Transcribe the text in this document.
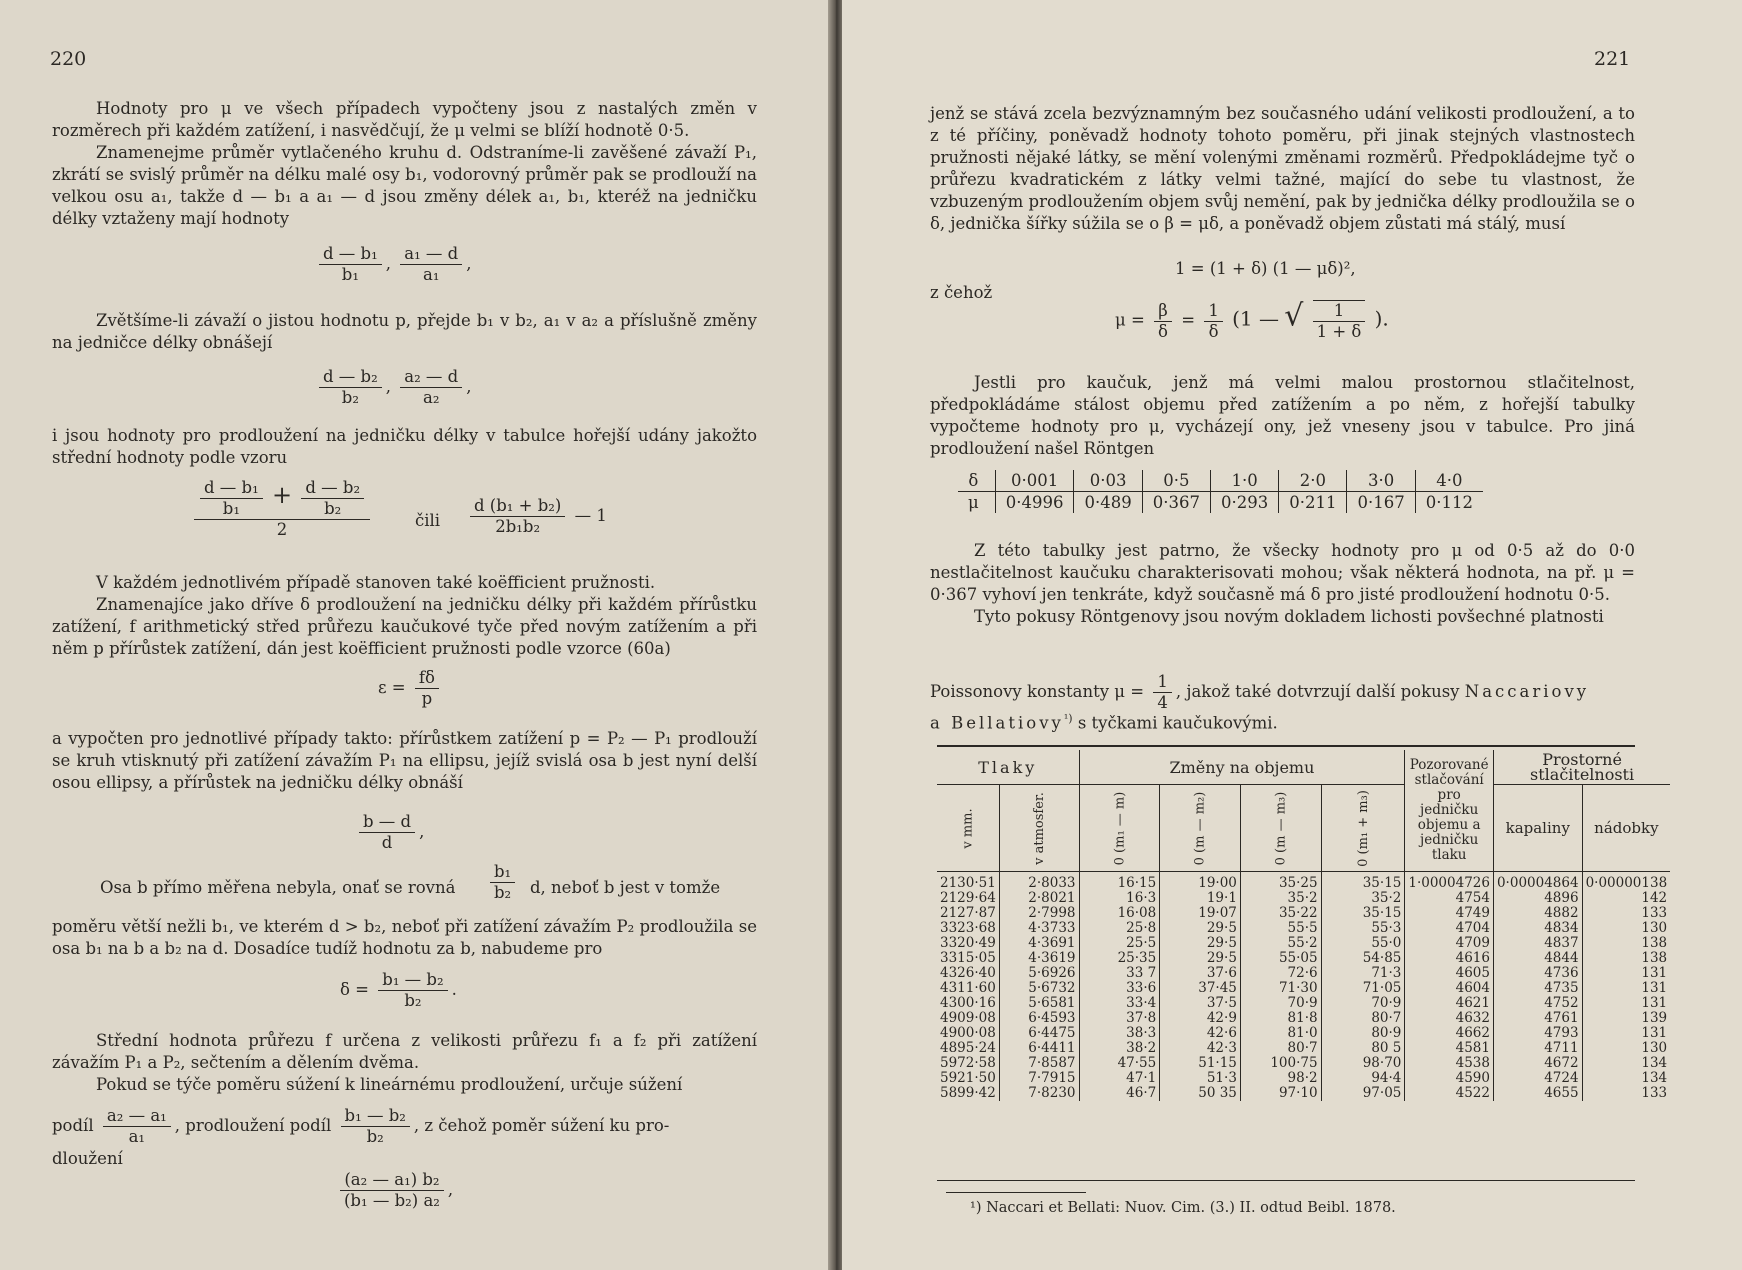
220

Hodnoty pro μ ve všech případech vypočteny jsou z nastalých změn v rozměrech při každém zatížení, i nasvědčují, že μ velmi se blíží hodnotě 0·5.

Znamenejme průměr vytlačeného kruhu d. Odstraníme-li zavěšené závaží P₁, zkrátí se svislý průměr na délku malé osy b₁, vodorovný průměr pak se prodlouží na velkou osu a₁, takže d — b₁ a a₁ — d jsou změny délek a₁, b₁, kteréž na jedničku délky vztaženy mají hodnoty

$\frac{\text{d — b₁}}{\text{b₁}}$ , $\frac{\text{a₁ — d}}{\text{a₁}}$ ,

Zvětšíme-li závaží o jistou hodnotu p, přejde b₁ v b₂, a₁ v a₂ a příslušně změny na jedničce délky obnášejí

$\frac{\text{d — b₂}}{\text{b₂}}$ , $\frac{\text{a₂ — d}}{\text{a₂}}$ ,

i jsou hodnoty pro prodloužení na jedničku délky v tabulce hořejší udány jakožto střední hodnoty podle vzoru

$\frac{\frac{\text{d — b₁}}{\text{b₁}} + \frac{\text{d — b₂}}{\text{b₂}}}{2}$	čili $\frac{\text{d (b₁ + b₂)}}{\text{2b₁b₂}}$ — 1

V každém jednotlivém případě stanoven také koëfficient pružnosti.

Znamenajíce jako dříve δ prodloužení na jedničku délky při každém přírůstku zatížení, f arithmetický střed průřezu kaučukové tyče před novým zatížením a při něm p přírůstek zatížení, dán jest koëfficient pružnosti podle vzorce (60a)

$\varepsilon = \frac{f\delta}{p}$

a vypočten pro jednotlivé případy takto: přírůstkem zatížení p = P₂ — P₁ prodlouží se kruh vtisknutý při zatížení závažím P₁ na ellipsu, jejíž svislá osa b jest nyní delší osou ellipsy, a přírůstek na jedničku délky obnáší

$\frac{b — d}{d}$ ,
Osa b přímo měřena nebyla, onať se rovná $\frac{\text{b₁}}{\text{b₂}} d$, neboť b jest v tomže

poměru větší nežli b₁, ve kterém d > b₂, neboť při zatížení závažím P₂ prodloužila se osa b₁ na b a b₂ na d. Dosadíce tudíž hodnotu za b, nabudeme pro

$\delta = \frac{\text{b₁ — b₂}}{\text{b₂}}$ .

Střední hodnota průřezu f určena z velikosti průřezu f₁ a f₂ při zatížení závažím P₁ a P₂, sečtením a dělením dvěma.

Pokud se týče poměru súžení k lineárnému prodloužení, určuje súžení

podíl $\frac{\text{a₂ — a₁}}{\text{a₁}}$ , prodloužení podíl $\frac{\text{b₁ — b₂}}{\text{b₂}}$ , z čehož poměr súžení ku pro-
dloužení
$\frac{\text{(a₂ — a₁) b₂}}{\text{(b₁ — b₂) a₂}}$ ,
221

jenž se stává zcela bezvýznamným bez současného udání velikosti prodloužení, a to z té příčiny, poněvadž hodnoty tohoto poměru, při jinak stejných vlastnostech pružnosti nějaké látky, se mění volenými změnami rozměrů. Předpokládejme tyč o průřezu kvadratickém z látky velmi tažné, mající do sebe tu vlastnost, že vzbuzeným prodloužením objem svůj nemění, pak by jednička délky prodloužila se o δ, jednička šířky súžila se o β = μδ, a poněvadž objem zůstati má stálý, musí

1 = (1 + δ) (1 — μδ)²,
z čehož
$\mu = \frac{\beta}{\delta} = \frac{1}{\delta} (1$ — √ $\frac{1}{1 + \delta}$ ).

Jestli pro kaučuk, jenž má velmi malou prostornou stlačitelnost, předpokládáme stálost objemu před zatížením a po něm, z hořejší tabulky vypočteme hodnoty pro μ, vycházejí ony, jež vneseny jsou v tabulce. Pro jiná prodloužení našel Röntgen

δ	0·001	0·03	0·5	1·0	2·0	3·0	4·0
μ	0·4996	0·489	0·367	0·293	0·211	0·167	0·112

Z této tabulky jest patrno, že všecky hodnoty pro μ od 0·5 až do 0·0 nestlačitelnost kaučuku charakterisovati mohou; však některá hodnota, na př. μ = 0·367 vyhoví jen tenkráte, když současně má δ pro jisté prodloužení hodnotu 0·5.

Tyto pokusy Röntgenovy jsou novým dokladem lichosti povšechné platnosti

Poissonovy konstanty $\mu = \frac{1}{4}$ , jakož také dotvrzují další pokusy Naccariovy
a Bellatiovy$^{^1)}$ s tyčkami kaučukovými.
Tlaky		Změny na objemu				Pozorované stlačování pro jedničku objemu a jedničku tlaku	Prostorné stlačitelnosti	
v mm.	v atmosfer.	0 (m₁ — m)	0 (m — m₂)	0 (m — m₃)	0 (m₁ + m₃)		kapaliny	nádobky
2130·51	2·8033	16·15	19·00	35·25	35·15	1·00004726	0·00004864	0·00000138
2129·64	2·8021	16·3	19·1	35·2	35·2	4754	4896	142
2127·87	2·7998	16·08	19·07	35·22	35·15	4749	4882	133
3323·68	4·3733	25·8	29·5	55·5	55·3	4704	4834	130
3320·49	4·3691	25·5	29·5	55·2	55·0	4709	4837	138
3315·05	4·3619	25·35	29·5	55·05	54·85	4616	4844	138
4326·40	5·6926	33 7	37·6	72·6	71·3	4605	4736	131
4311·60	5·6732	33·6	37·45	71·30	71·05	4604	4735	131
4300·16	5·6581	33·4	37·5	70·9	70·9	4621	4752	131
4909·08	6·4593	37·8	42·9	81·8	80·7	4632	4761	139
4900·08	6·4475	38·3	42·6	81·0	80·9	4662	4793	131
4895·24	6·4411	38·2	42·3	80·7	80 5	4581	4711	130
5972·58	7·8587	47·55	51·15	100·75	98·70	4538	4672	134
5921·50	7·7915	47·1	51·3	98·2	94·4	4590	4724	134
5899·42	7·8230	46·7	50 35	97·10	97·05	4522	4655	133
¹) Naccari et Bellati: Nuov. Cim. (3.) II. odtud Beibl. 1878.
